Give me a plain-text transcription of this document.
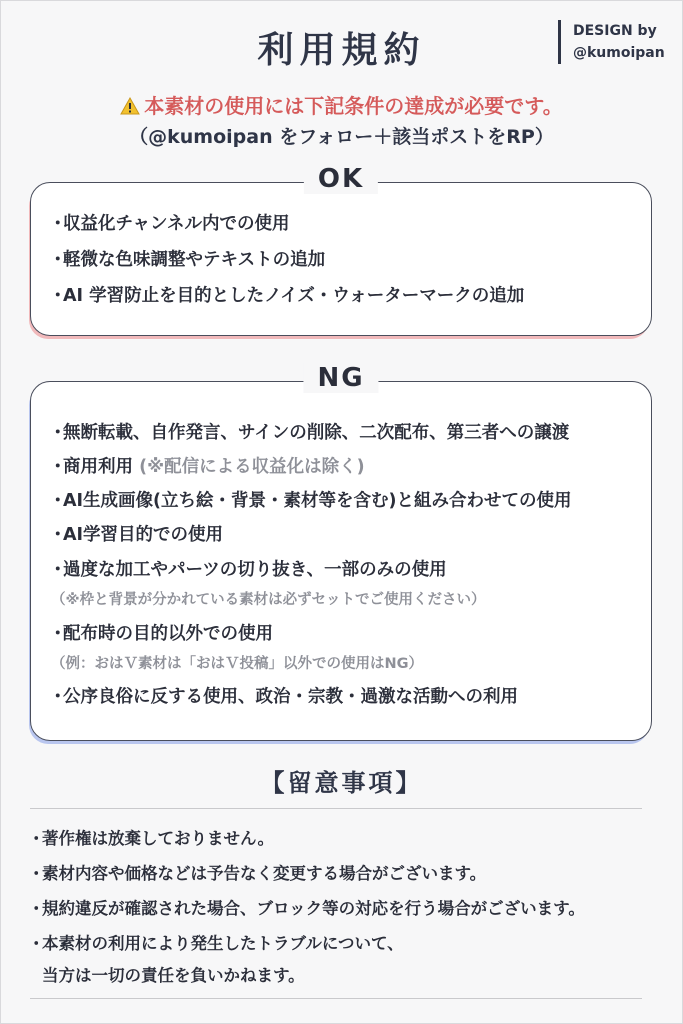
利用規約	DESIGN by
@kumoipan
本素材の使用には下記条件の達成が必要です。
（@kumoipan をフォロー＋該当ポストをRP）
OK
・収益化チャンネル内での使用
・軽微な色味調整やテキストの追加
・AI 学習防止を目的としたノイズ・ウォーターマークの追加
NG
・無断転載、自作発言、サインの削除、二次配布、第三者への譲渡
・商用利用 (※配信による収益化は除く)
・AI生成画像(立ち絵・背景・素材等を含む)と組み合わせての使用
・AI学習目的での使用
・過度な加工やパーツの切り抜き、一部のみの使用
（※枠と背景が分かれている素材は必ずセットでご使用ください）
・配布時の目的以外での使用
（例：おはＶ素材は「おはＶ投稿」以外での使用はNG）
・公序良俗に反する使用、政治・宗教・過激な活動への利用
【留意事項】
・著作権は放棄しておりません。
・素材内容や価格などは予告なく変更する場合がございます。
・規約違反が確認された場合、ブロック等の対応を行う場合がございます。
・本素材の利用により発生したトラブルについて、
当方は一切の責任を負いかねます。
